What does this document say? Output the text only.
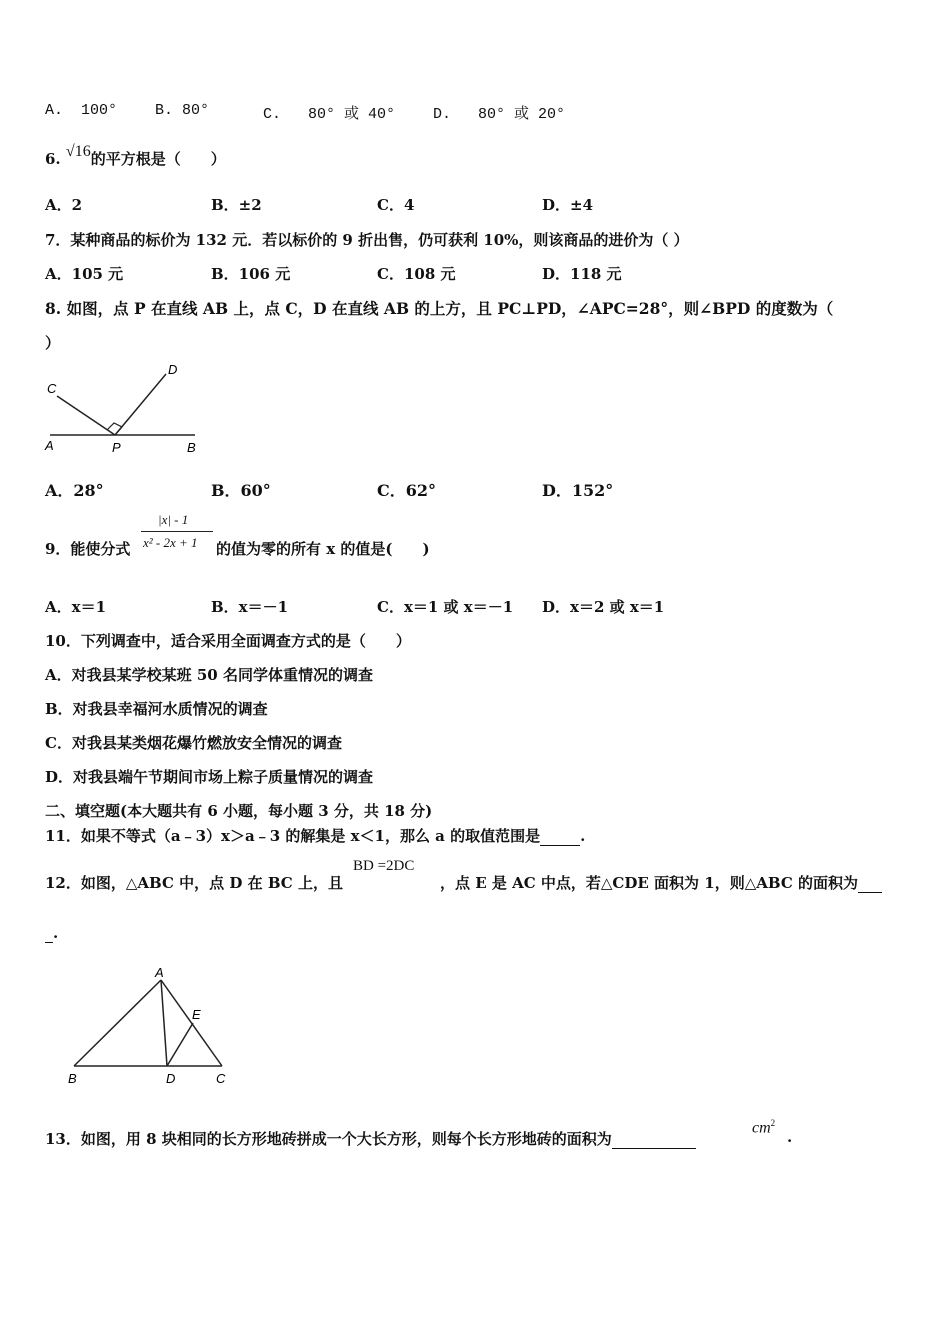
A.  100°	B. 80°	C.   80° 或 40°	D.   80° 或 20°
6. √16的平方根是（　　）
A．2	B．±2	C．4	D．±4
7．某种商品的标价为 132 元．若以标价的 9 折出售，仍可获利 10%，则该商品的进价为（ ）
A．105 元	B．106 元	C．108 元	D．118 元
8. 如图，点 P 在直线 AB 上，点 C，D 在直线 AB 的上方，且 PC⊥PD，∠APC=28°，则∠BPD 的度数为（
）
A	P	B
C
D
A．28°	B．60°	C．62°	D．152°
9．能使分式
|x| - 1
x² - 2x + 1 的值为零的所有 x 的值是(　　)
A．x＝1	B．x＝－1	C．x＝1 或 x＝－1 D．x＝2 或 x＝1
10．下列调查中，适合采用全面调查方式的是（　　）
A．对我县某学校某班 50 名同学体重情况的调查
B．对我县幸福河水质情况的调查
C．对我县某类烟花爆竹燃放安全情况的调查
D．对我县端午节期间市场上粽子质量情况的调查
二、填空题(本大题共有 6 小题，每小题 3 分，共 18 分)
11．如果不等式（a﹣3）x＞a﹣3 的解集是 x＜1，那么 a 的取值范围是	.
12．如图，△ABC 中，点 D 在 BC 上，且
BD =2DC
，点 E 是 AC 中点，若△CDE 面积为 1，则△ABC 的面积为
.
A
B	D	C
E
13．如图，用 8 块相同的长方形地砖拼成一个大长方形，则每个长方形地砖的面积为
$cm^2$
.
